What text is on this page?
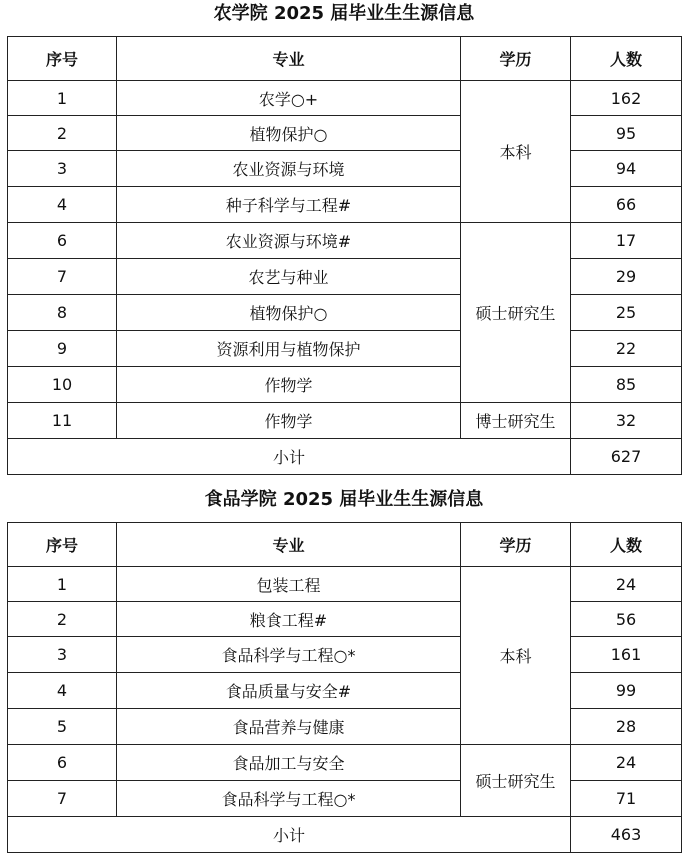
农学院 2025 届毕业生生源信息
序号	专业	学历	人数
1	农学○+	本科	162
2	植物保护○		95
3	农业资源与环境		94
4	种子科学与工程#		66
6	农业资源与环境#	硕士研究生	17
7	农艺与种业		29
8	植物保护○		25
9	资源利用与植物保护		22
10	作物学		85
11	作物学	博士研究生	32
小计			627
食品学院 2025 届毕业生生源信息
序号	专业	学历	人数
1	包装工程	本科	24
2	粮食工程#		56
3	食品科学与工程○*		161
4	食品质量与安全#		99
5	食品营养与健康		28
6	食品加工与安全	硕士研究生	24
7	食品科学与工程○*		71
小计			463
